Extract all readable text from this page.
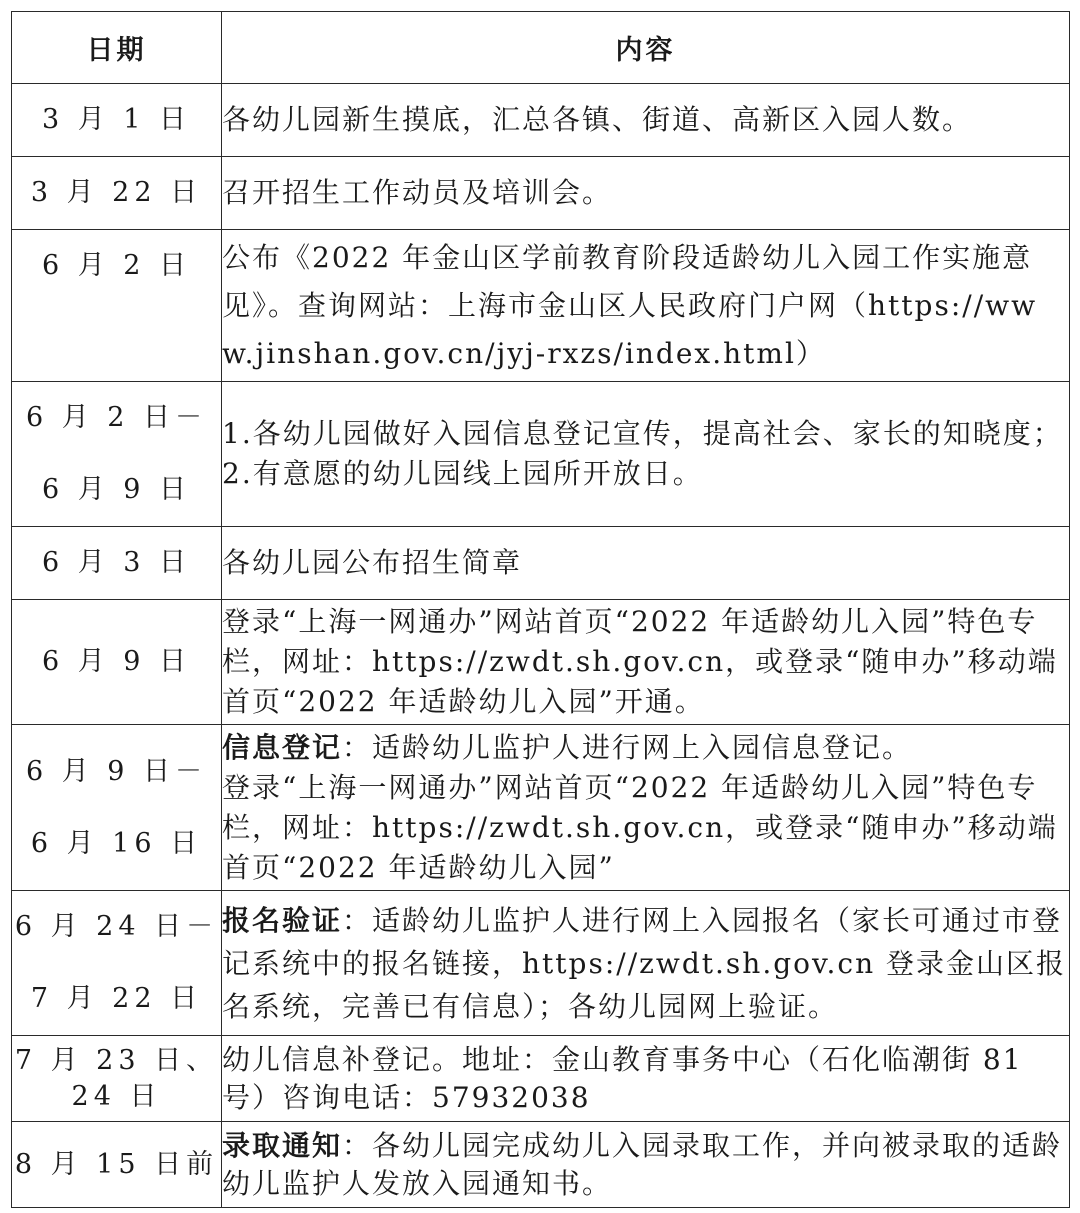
日期	内容

3 月 1 日	各幼儿园新生摸底，汇总各镇、街道、高新区入园人数。

3 月 22 日	召开招生工作动员及培训会。

6 月 2 日	公布《2022 年金山区学前教育阶段适龄幼儿入园工作实施意见》。查询网站：上海市金山区人民政府门户网（https://www.jinshan.gov.cn/jyj-rxzs/index.html）

6 月 2 日－
6 月 9 日	1.各幼儿园做好入园信息登记宣传，提高社会、家长的知晓度；
2.有意愿的幼儿园线上园所开放日。

6 月 3 日	各幼儿园公布招生简章

6 月 9 日	登录“上海一网通办”网站首页“2022 年适龄幼儿入园”特色专栏，网址：https://zwdt.sh.gov.cn，或登录“随申办”移动端首页“2022 年适龄幼儿入园”开通。

6 月 9 日－
6 月 16 日	信息登记：适龄幼儿监护人进行网上入园信息登记。
登录“上海一网通办”网站首页“2022 年适龄幼儿入园”特色专栏，网址：https://zwdt.sh.gov.cn，或登录“随申办”移动端首页“2022 年适龄幼儿入园”

6 月 24 日－
7 月 22 日	报名验证：适龄幼儿监护人进行网上入园报名（家长可通过市登记系统中的报名链接，https://zwdt.sh.gov.cn 登录金山区报名系统，完善已有信息）；各幼儿园网上验证。

7 月 23 日、
24 日	幼儿信息补登记。地址：金山教育事务中心（石化临潮街 81 号）咨询电话：57932038

8 月 15 日前	录取通知：各幼儿园完成幼儿入园录取工作，并向被录取的适龄幼儿监护人发放入园通知书。
